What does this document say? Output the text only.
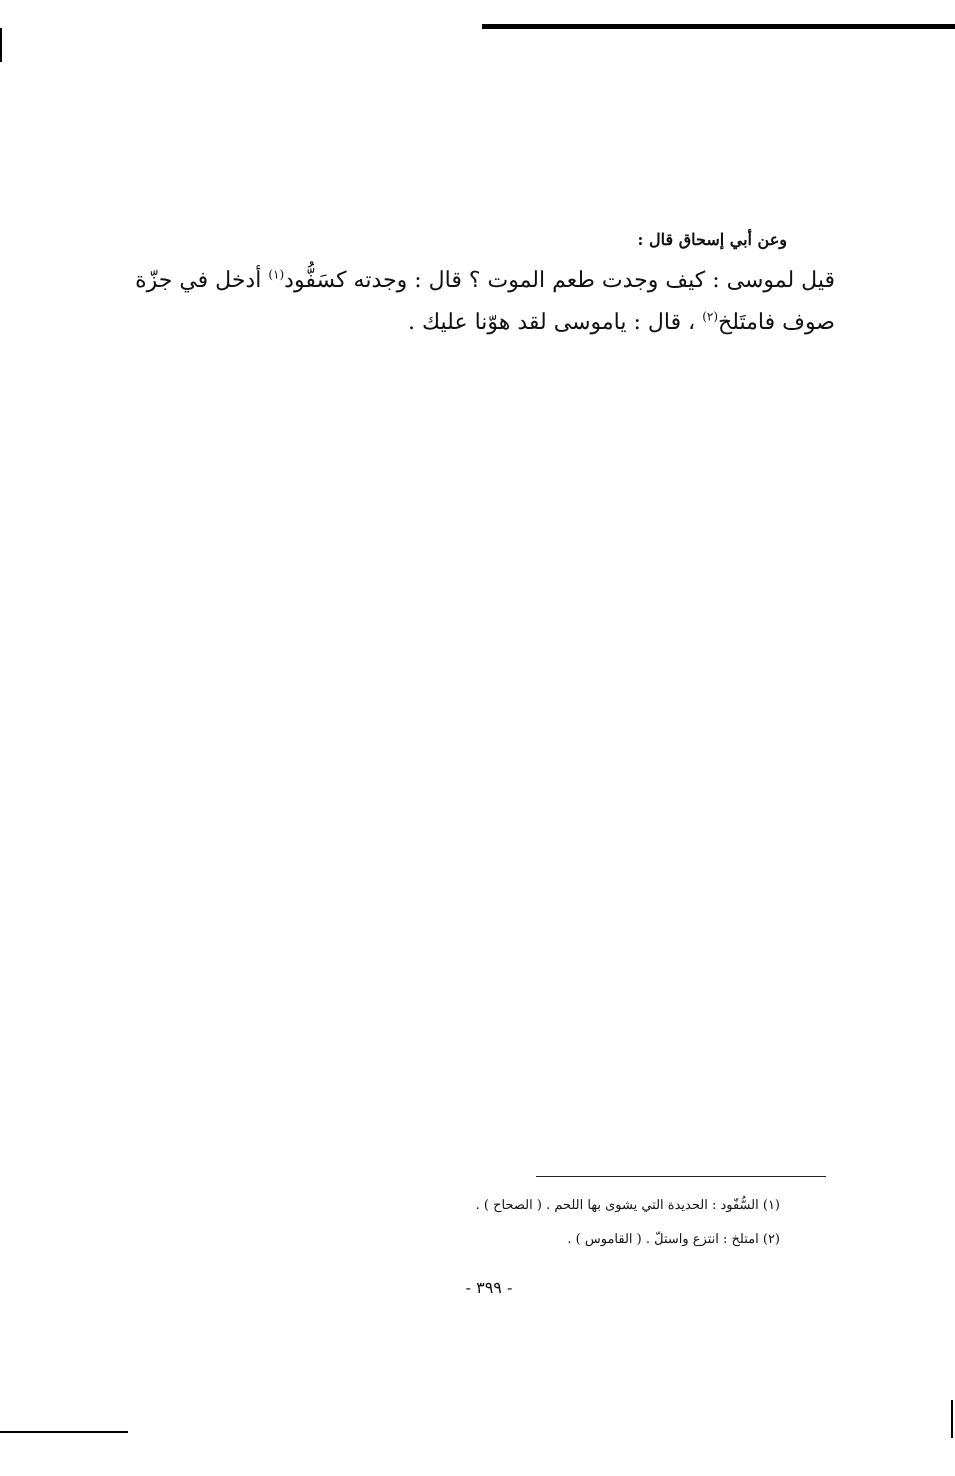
وعن أبي إسحاق قال :
قيل لموسى : كيف وجدت طعم الموت ؟ قال : وجدته كسَفُّود$^{(١)}$ أدخل في جزّة
صوف فامتَلخ$^{(٢)}$ ، قال : ياموسى لقد هوّنا عليك .
(١) السُّفّود : الحديدة التي يشوى بها اللحم . ( الصحاح ) .
(٢) امتلخ : انتزع واستلّ . ( القاموس ) .
- ٣٩٩ -
